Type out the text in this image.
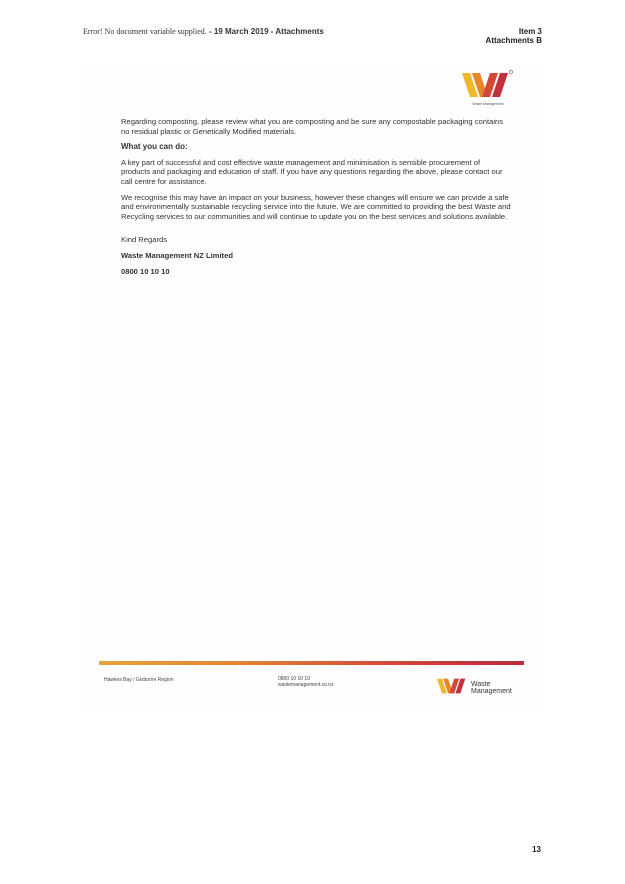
Error! No document variable supplied. - 19 March 2019 - Attachments	Item 3
Attachments B
Waste Management

Regarding composting, please review what you are composting and be sure any compostable packaging contains no residual plastic or Genetically Modified materials.

What you can do:

A key part of successful and cost effective waste management and minimisation is sensible procurement of products and packaging and education of staff. If you have any questions regarding the above, please contact our call centre for assistance.

We recognise this may have an impact on your business, however these changes will ensure we can prcvide a safe and environmentally sustainable recycling service into the future. We are committed to providing the best Waste and Recycling services to our communities and will continue to update you on the best services and solutions available.

Kind Regards

Waste Management NZ Limited

0800 10 10 10

Hawkes Bay / Gisborne Region	0800 10 10 10
wastemanagement.co.nz	Waste
Management
13
